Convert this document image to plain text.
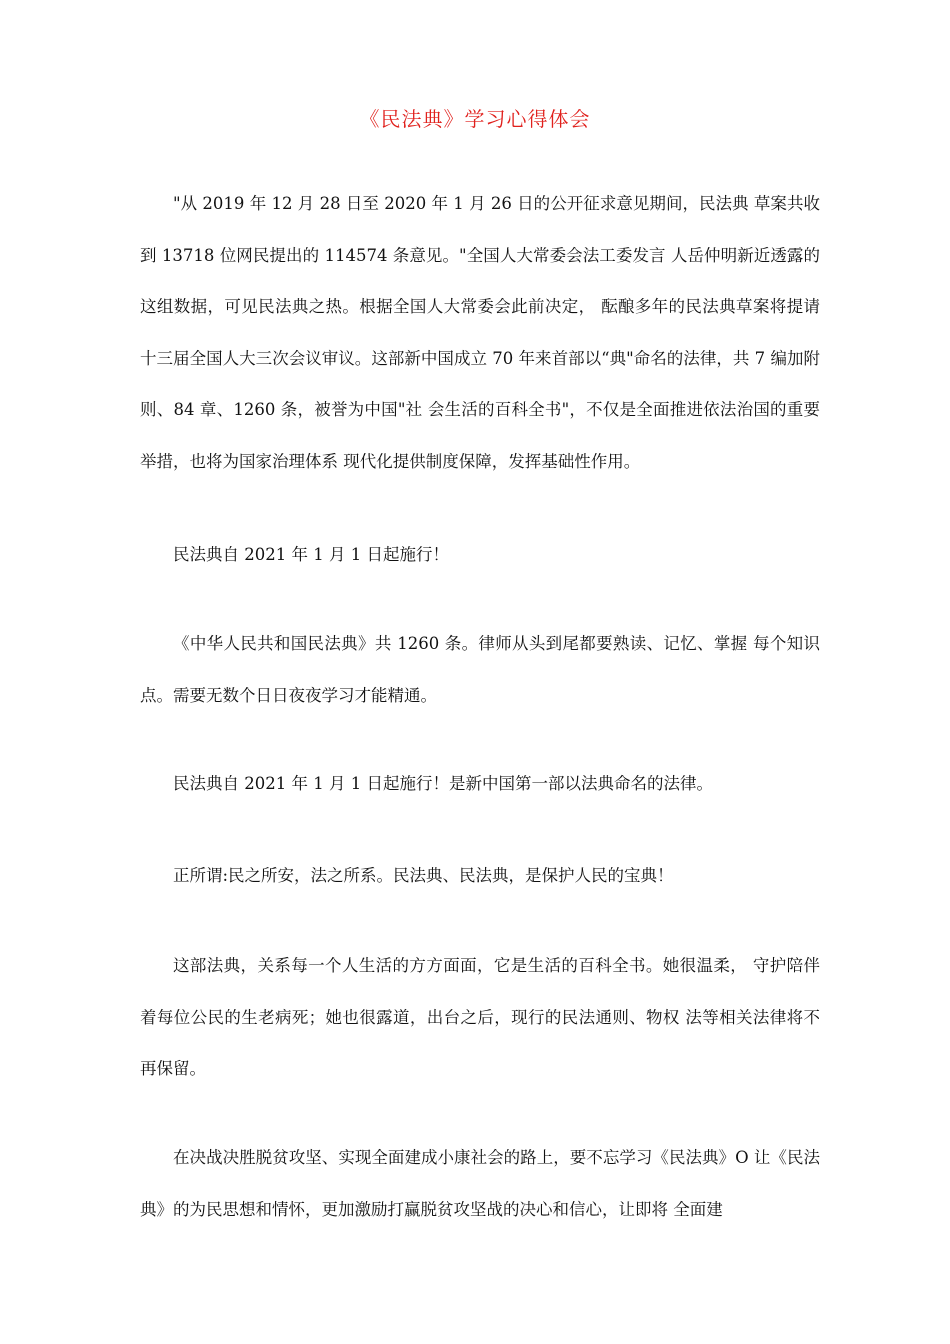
《民法典》学习心得体会

"从 2019 年 12 月 28 日至 2020 年 1 月 26 日的公开征求意见期间，民法典 草案共收到 13718 位网民提出的 114574 条意见。"全国人大常委会法工委发言 人岳仲明新近透露的这组数据，可见民法典之热。根据全国人大常委会此前决定， 酝酿多年的民法典草案将提请十三届全国人大三次会议审议。这部新中国成立 70 年来首部以“典"命名的法律，共 7 编加附则、84 章、1260 条，被誉为中国"社 会生活的百科全书"，不仅是全面推进依法治国的重要举措，也将为国家治理体系 现代化提供制度保障，发挥基础性作用。

民法典自 2021 年 1 月 1 日起施行！

《中华人民共和国民法典》共 1260 条。律师从头到尾都要熟读、记忆、掌握 每个知识点。需要无数个日日夜夜学习才能精通。

民法典自 2021 年 1 月 1 日起施行！是新中国第一部以法典命名的法律。

正所谓:民之所安，法之所系。民法典、民法典，是保护人民的宝典！

这部法典，关系每一个人生活的方方面面，它是生活的百科全书。她很温柔， 守护陪伴着每位公民的生老病死；她也很露道，出台之后，现行的民法通则、物权 法等相关法律将不再保留。

在决战决胜脱贫攻坚、实现全面建成小康社会的路上，要不忘学习《民法典》O 让《民法典》的为民思想和情怀，更加激励打赢脱贫攻坚战的决心和信心，让即将 全面建
